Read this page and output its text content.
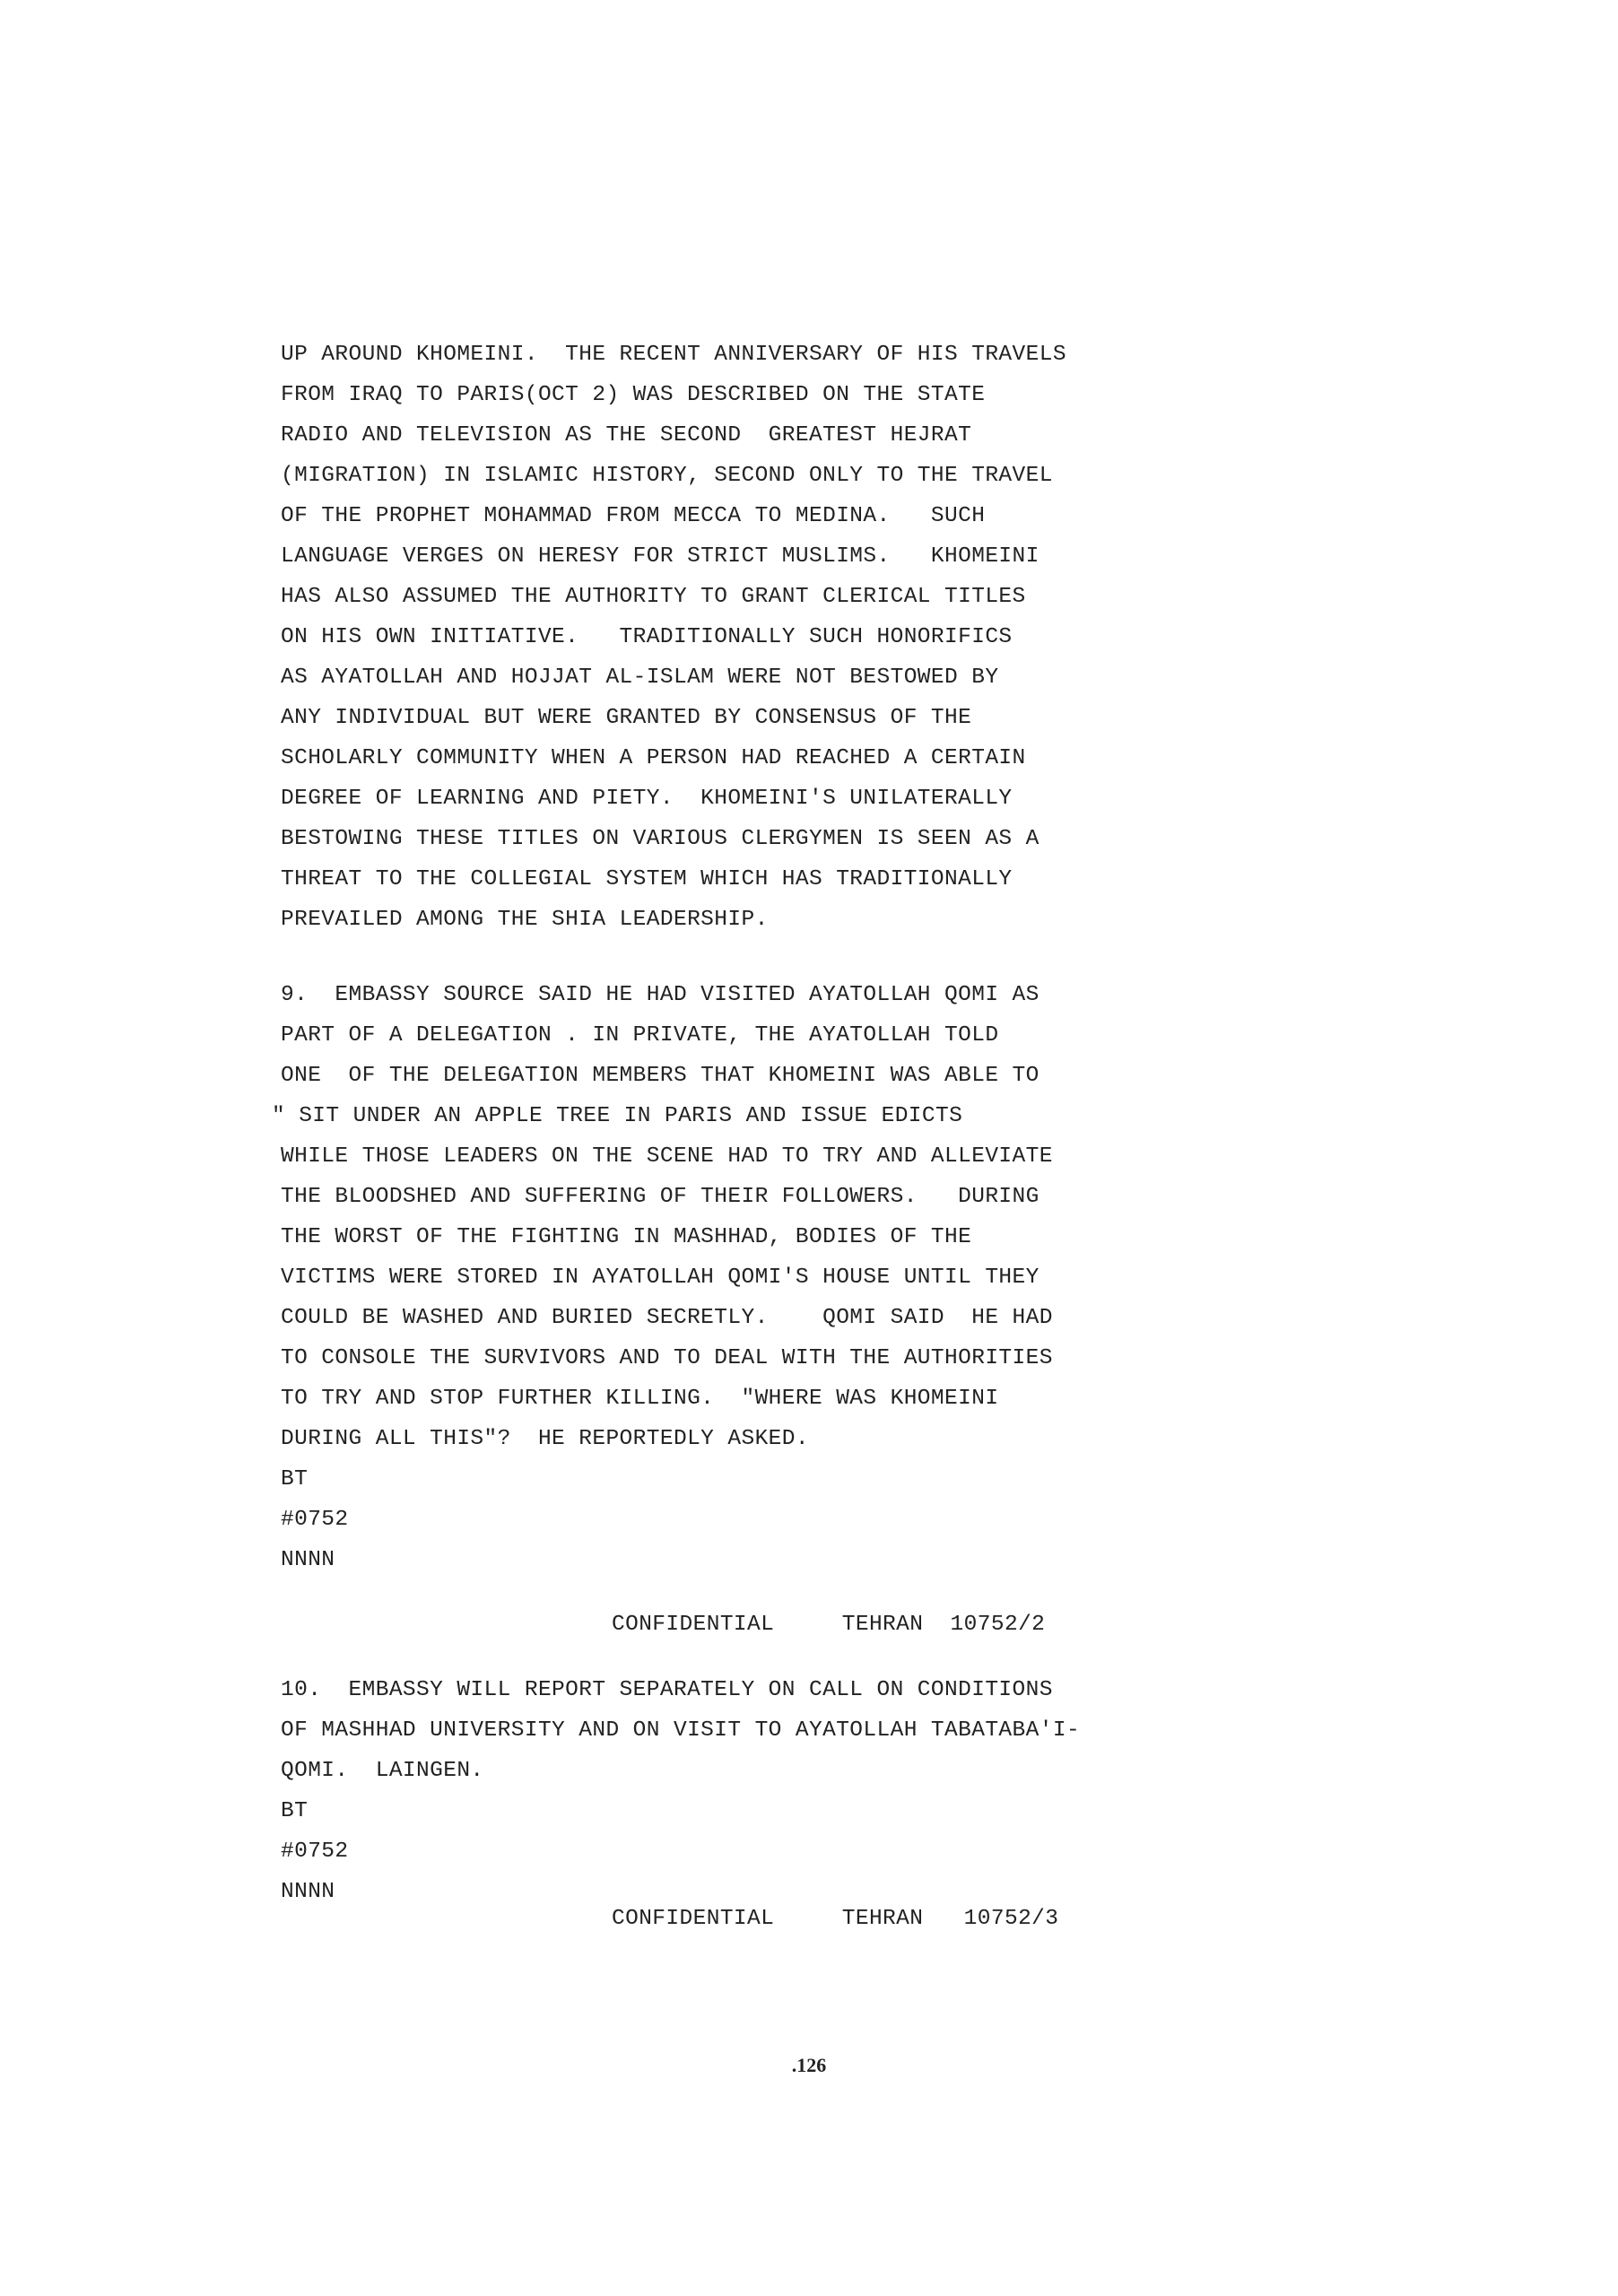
UP AROUND KHOMEINI.  THE RECENT ANNIVERSARY OF HIS TRAVELS
FROM IRAQ TO PARIS(OCT 2) WAS DESCRIBED ON THE STATE
RADIO AND TELEVISION AS THE SECOND  GREATEST HEJRAT
(MIGRATION) IN ISLAMIC HISTORY, SECOND ONLY TO THE TRAVEL
OF THE PROPHET MOHAMMAD FROM MECCA TO MEDINA.   SUCH
LANGUAGE VERGES ON HERESY FOR STRICT MUSLIMS.   KHOMEINI
HAS ALSO ASSUMED THE AUTHORITY TO GRANT CLERICAL TITLES
ON HIS OWN INITIATIVE.   TRADITIONALLY SUCH HONORIFICS
AS AYATOLLAH AND HOJJAT AL-ISLAM WERE NOT BESTOWED BY
ANY INDIVIDUAL BUT WERE GRANTED BY CONSENSUS OF THE
SCHOLARLY COMMUNITY WHEN A PERSON HAD REACHED A CERTAIN
DEGREE OF LEARNING AND PIETY.  KHOMEINI'S UNILATERALLY
BESTOWING THESE TITLES ON VARIOUS CLERGYMEN IS SEEN AS A
THREAT TO THE COLLEGIAL SYSTEM WHICH HAS TRADITIONALLY
PREVAILED AMONG THE SHIA LEADERSHIP.
9.  EMBASSY SOURCE SAID HE HAD VISITED AYATOLLAH QOMI AS
PART OF A DELEGATION . IN PRIVATE, THE AYATOLLAH TOLD
ONE  OF THE DELEGATION MEMBERS THAT KHOMEINI WAS ABLE TO
" SIT UNDER AN APPLE TREE IN PARIS AND ISSUE EDICTS
WHILE THOSE LEADERS ON THE SCENE HAD TO TRY AND ALLEVIATE
THE BLOODSHED AND SUFFERING OF THEIR FOLLOWERS.   DURING
THE WORST OF THE FIGHTING IN MASHHAD, BODIES OF THE
VICTIMS WERE STORED IN AYATOLLAH QOMI'S HOUSE UNTIL THEY
COULD BE WASHED AND BURIED SECRETLY.    QOMI SAID  HE HAD
TO CONSOLE THE SURVIVORS AND TO DEAL WITH THE AUTHORITIES
TO TRY AND STOP FURTHER KILLING.  "WHERE WAS KHOMEINI
DURING ALL THIS"?  HE REPORTEDLY ASKED.
BT
#0752
NNNN
CONFIDENTIAL     TEHRAN  10752/2
10.  EMBASSY WILL REPORT SEPARATELY ON CALL ON CONDITIONS
OF MASHHAD UNIVERSITY AND ON VISIT TO AYATOLLAH TABATABA'I-
QOMI.  LAINGEN.
BT
#0752
NNNN
CONFIDENTIAL     TEHRAN   10752/3
.126
